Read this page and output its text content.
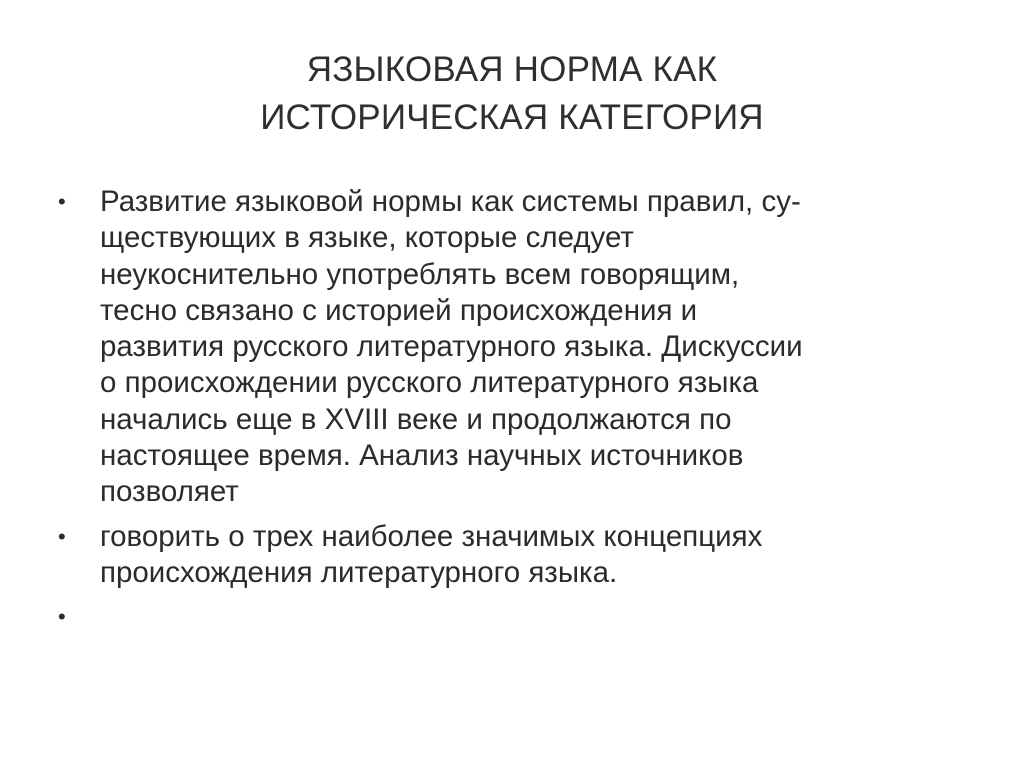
ЯЗЫКОВАЯ НОРМА КАК
ИСТОРИЧЕСКАЯ КАТЕГОРИЯ
•	Развитие языковой нормы как системы правил, су-
ществующих в языке, которые следует
неукоснительно употреблять всем говорящим,
тесно связано с историей происхождения и
развития русского литературного языка. Дискуссии
о происхождении русского литературного языка
начались еще в XVIII веке и продолжаются по
настоящее время. Анализ научных источников
позволяет
•	говорить о трех наиболее значимых концепциях
происхождения литературного языка.
•
